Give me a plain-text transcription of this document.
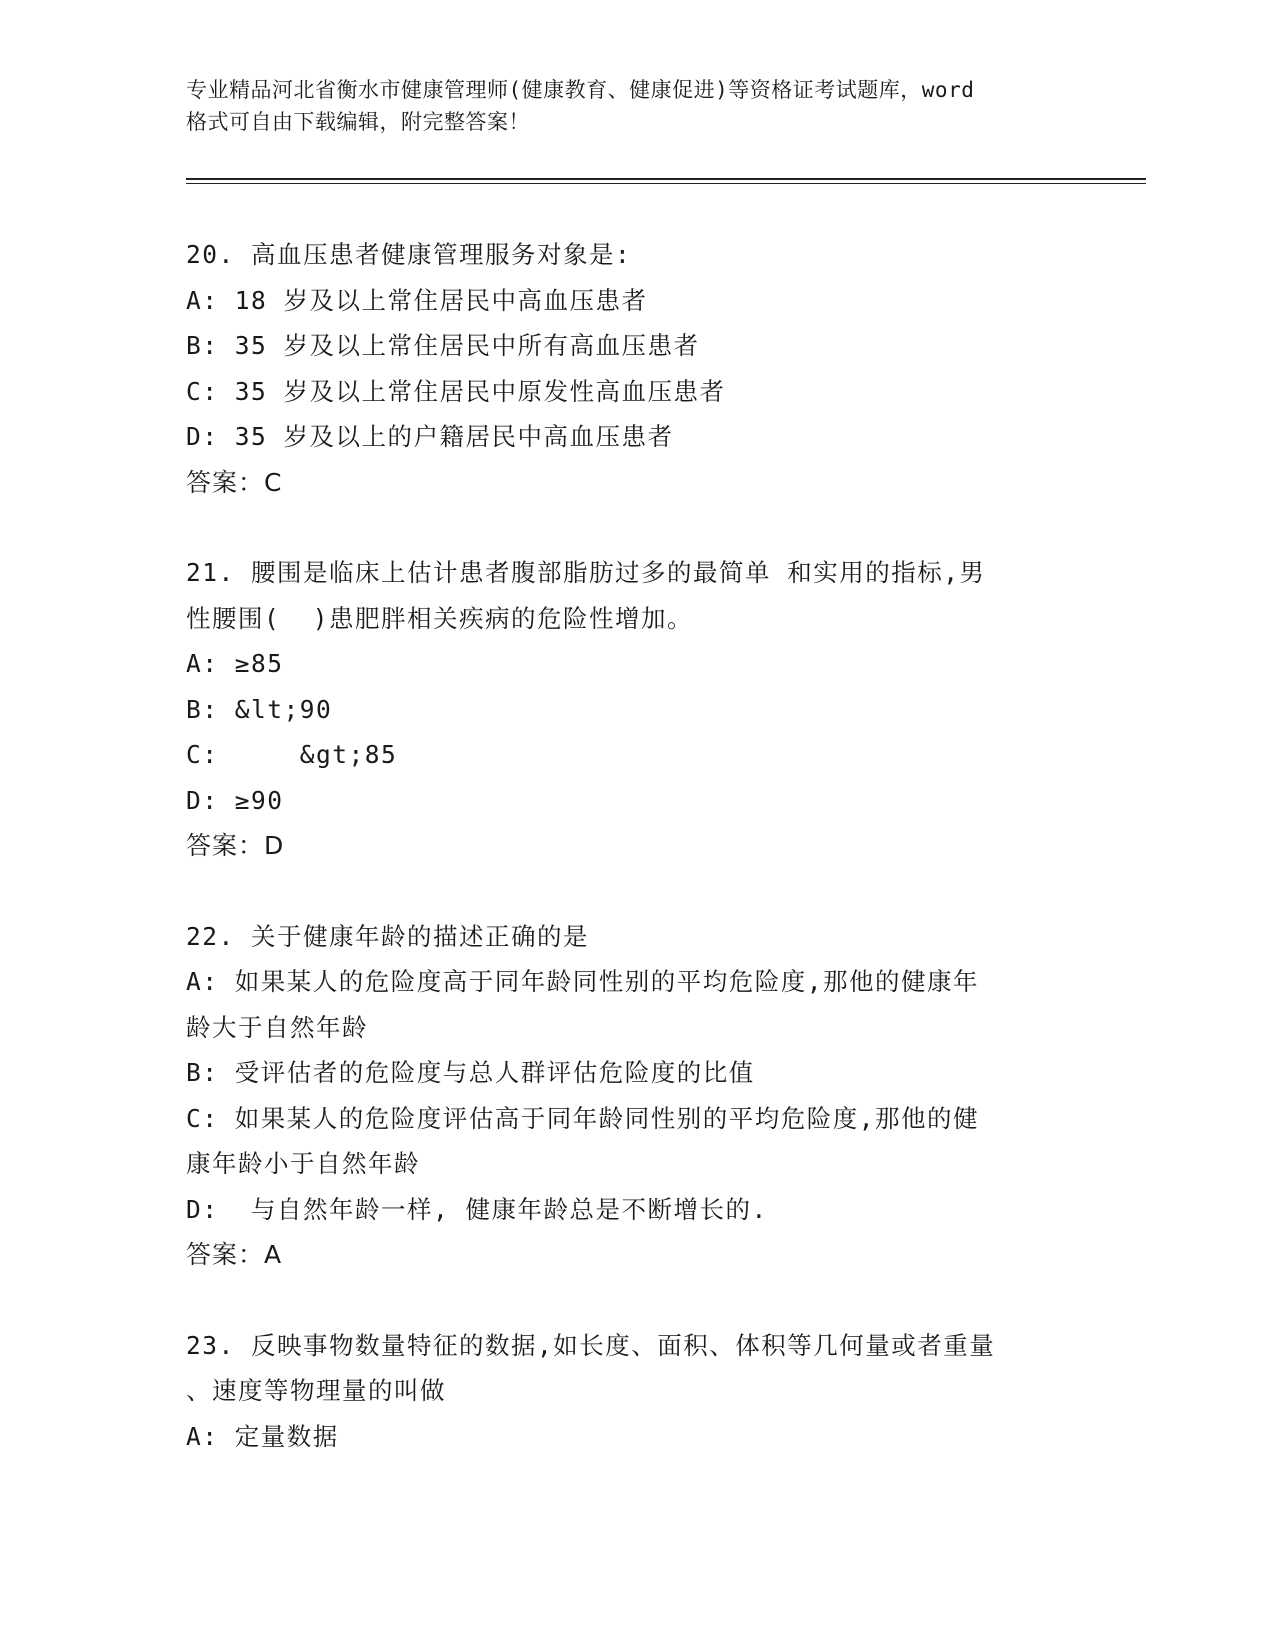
专业精品河北省衡水市健康管理师(健康教育、健康促进)等资格证考试题库，word
格式可自由下载编辑，附完整答案！
20. 高血压患者健康管理服务对象是:
A: 18 岁及以上常住居民中高血压患者
B: 35 岁及以上常住居民中所有高血压患者
C: 35 岁及以上常住居民中原发性高血压患者
D: 35 岁及以上的户籍居民中高血压患者
答案：C
21. 腰围是临床上估计患者腹部脂肪过多的最简单 和实用的指标,男
性腰围(  )患肥胖相关疾病的危险性增加。
A: ≥85
B: &lt;90
C:     &gt;85
D: ≥90
答案：D
22. 关于健康年龄的描述正确的是
A: 如果某人的危险度高于同年龄同性别的平均危险度,那他的健康年
龄大于自然年龄
B: 受评估者的危险度与总人群评估危险度的比值
C: 如果某人的危险度评估高于同年龄同性别的平均危险度,那他的健
康年龄小于自然年龄
D:  与自然年龄一样, 健康年龄总是不断增长的.
答案：A
23. 反映事物数量特征的数据,如长度、面积、体积等几何量或者重量
、速度等物理量的叫做
A: 定量数据
